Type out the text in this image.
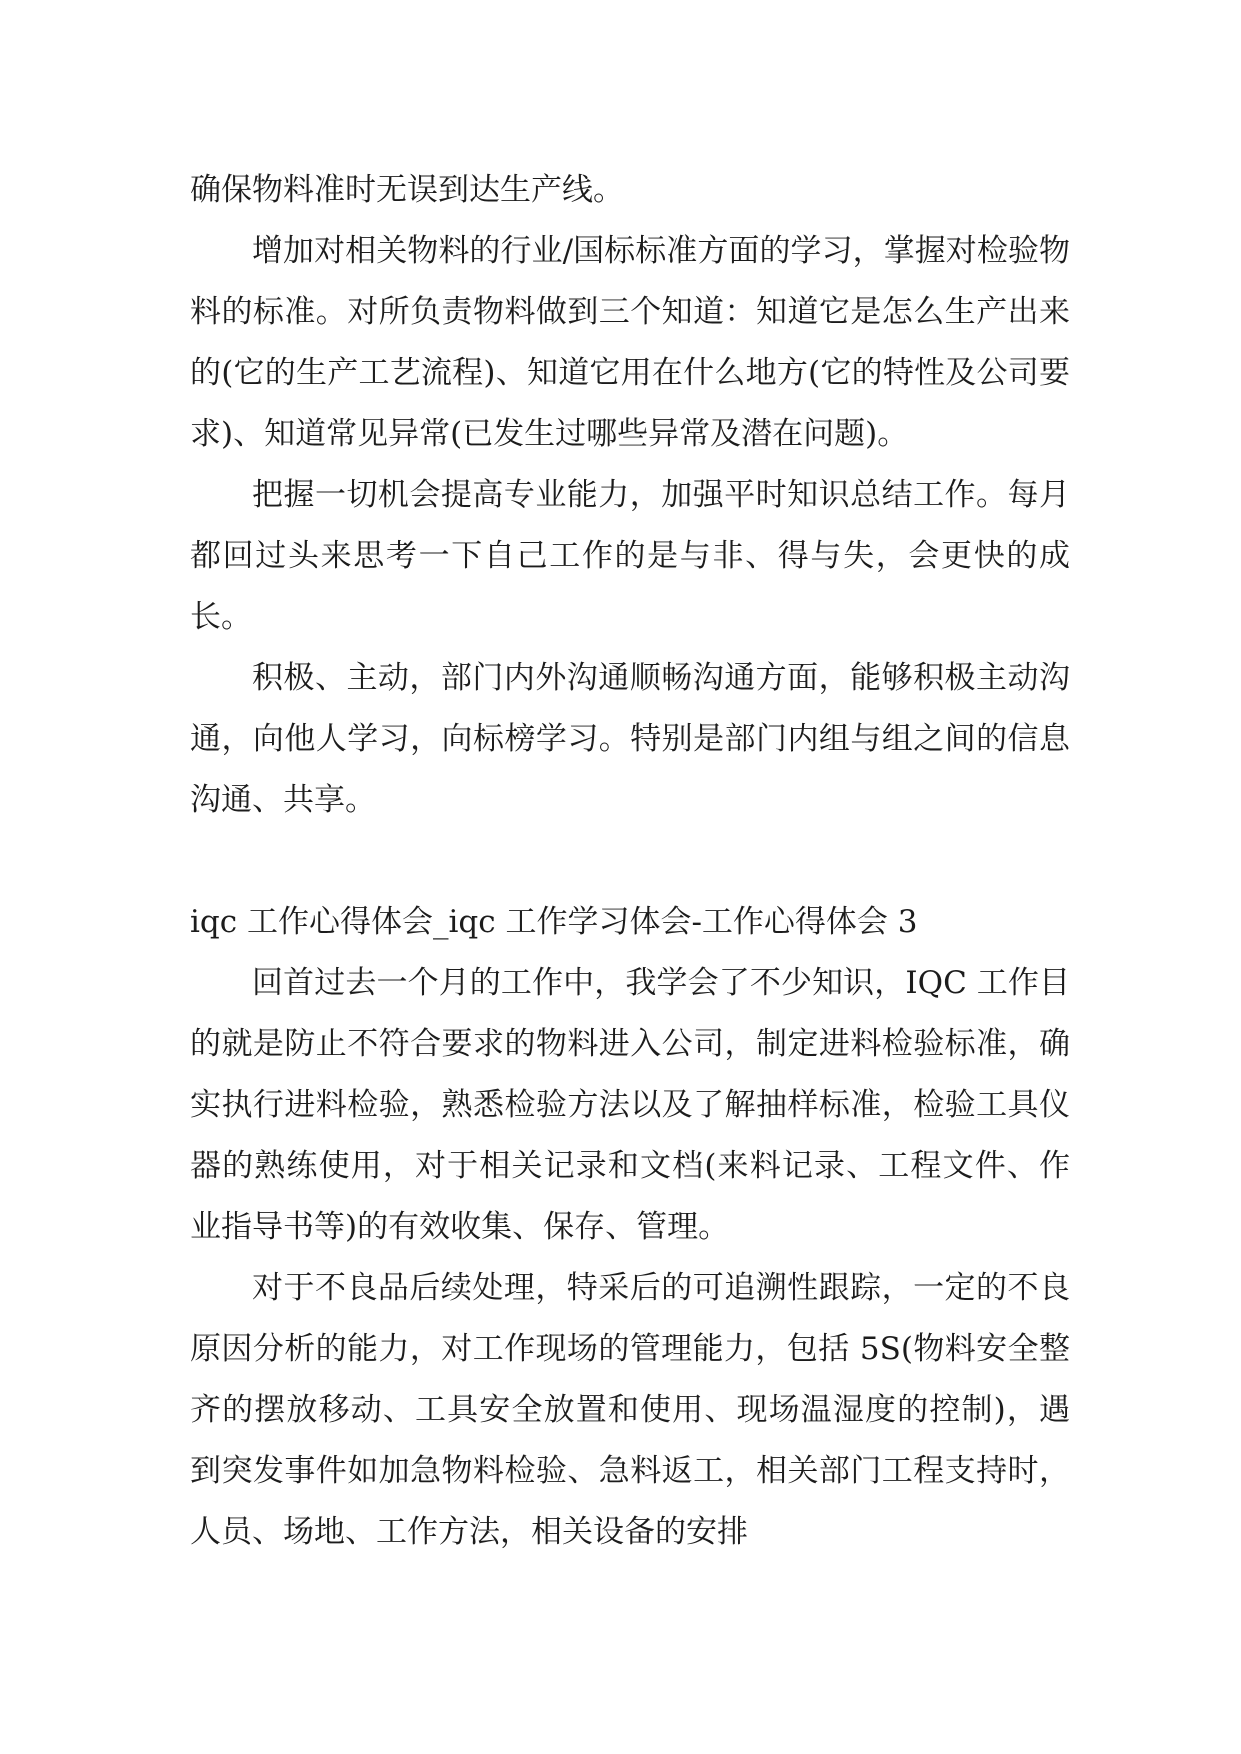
确保物料准时无误到达生产线。

增加对相关物料的行业/国标标准方面的学习，掌握对检验物料的标准。对所负责物料做到三个知道：知道它是怎么生产出来的(它的生产工艺流程)、知道它用在什么地方(它的特性及公司要求)、知道常见异常(已发生过哪些异常及潜在问题)。

把握一切机会提高专业能力，加强平时知识总结工作。每月都回过头来思考一下自己工作的是与非、得与失，会更快的成长。

积极、主动，部门内外沟通顺畅沟通方面，能够积极主动沟通，向他人学习，向标榜学习。特别是部门内组与组之间的信息沟通、共享。

iqc 工作心得体会_iqc 工作学习体会-工作心得体会 3

回首过去一个月的工作中，我学会了不少知识，IQC 工作目的就是防止不符合要求的物料进入公司，制定进料检验标准，确实执行进料检验，熟悉检验方法以及了解抽样标准，检验工具仪器的熟练使用，对于相关记录和文档(来料记录、工程文件、作业指导书等)的有效收集、保存、管理。

对于不良品后续处理，特采后的可追溯性跟踪，一定的不良原因分析的能力，对工作现场的管理能力，包括 5S(物料安全整齐的摆放移动、工具安全放置和使用、现场温湿度的控制)，遇到突发事件如加急物料检验、急料返工，相关部门工程支持时，人员、场地、工作方法，相关设备的安排
